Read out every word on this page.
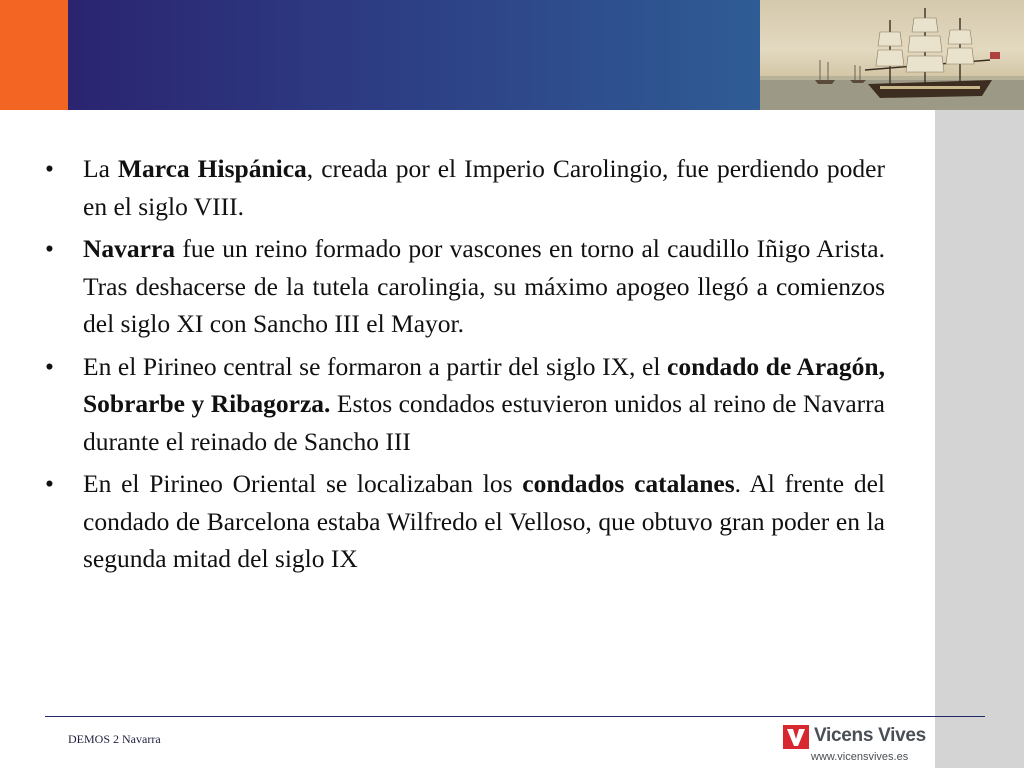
• La Marca Hispánica, creada por el Imperio Carolingio, fue perdiendo poder en el siglo VIII.
• Navarra fue un reino formado por vascones en torno al caudillo Iñigo Arista. Tras deshacerse de la tutela carolingia, su máximo apogeo llegó a comienzos del siglo XI con Sancho III el Mayor.
• En el Pirineo central se formaron a partir del siglo IX, el condado de Aragón, Sobrarbe y Ribagorza. Estos condados estuvieron unidos al reino de Navarra durante el reinado de Sancho III
• En el Pirineo Oriental se localizaban los condados catalanes. Al frente del condado de Barcelona estaba Wilfredo el Velloso, que obtuvo gran poder en la segunda mitad del siglo IX
DEMOS 2 Navarra	Vicens Vives
www.vicensvives.es
